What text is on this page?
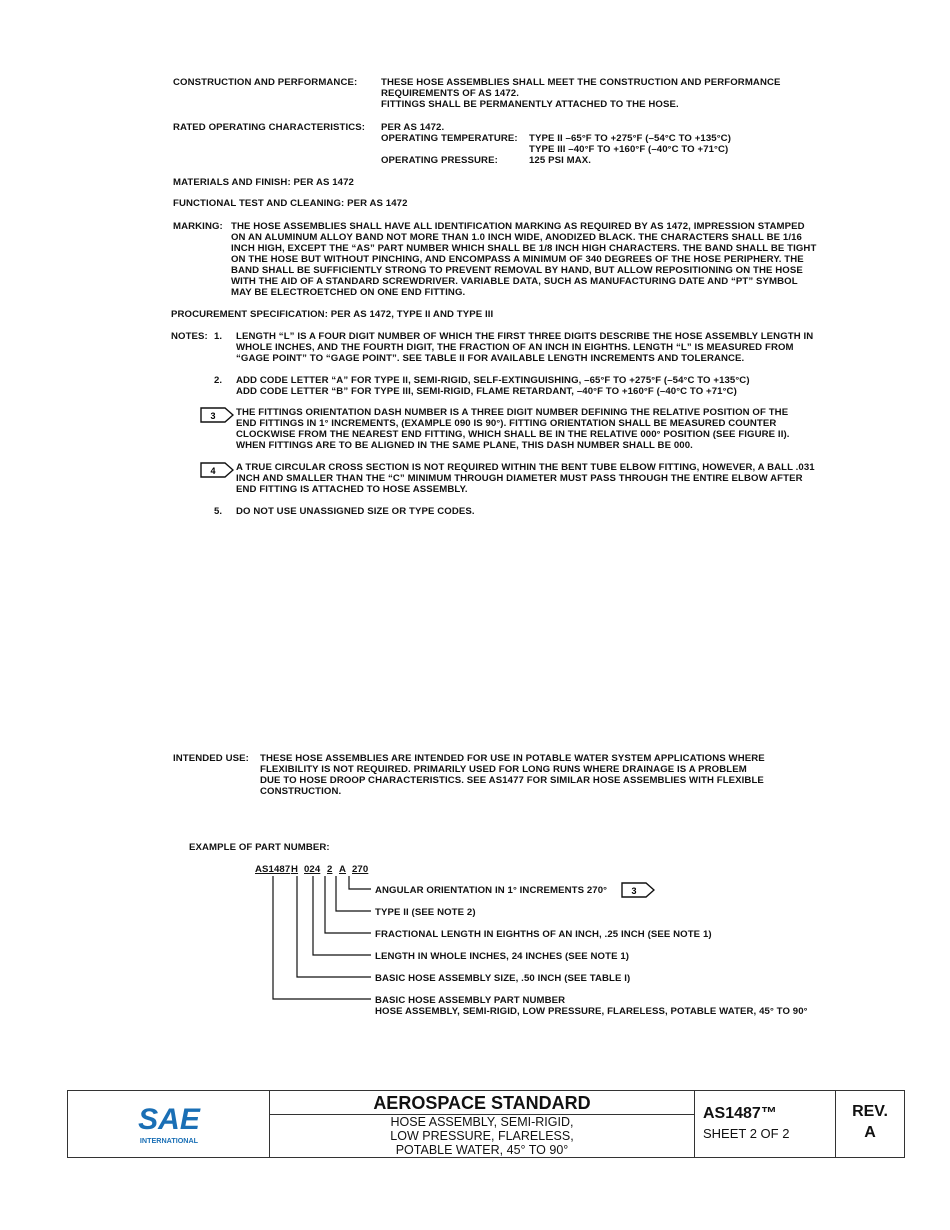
CONSTRUCTION AND PERFORMANCE: THESE HOSE ASSEMBLIES SHALL MEET THE CONSTRUCTION AND PERFORMANCE
REQUIREMENTS OF AS 1472.
FITTINGS SHALL BE PERMANENTLY ATTACHED TO THE HOSE.
RATED OPERATING CHARACTERISTICS: PER AS 1472.
OPERATING TEMPERATURE: TYPE II –65°F TO +275°F (–54°C TO +135°C)
TYPE III –40°F TO +160°F (–40°C TO +71°C)
OPERATING PRESSURE:	125 PSI MAX.
MATERIALS AND FINISH: PER AS 1472
FUNCTIONAL TEST AND CLEANING: PER AS 1472
MARKING: THE HOSE ASSEMBLIES SHALL HAVE ALL IDENTIFICATION MARKING AS REQUIRED BY AS 1472, IMPRESSION STAMPED
ON AN ALUMINUM ALLOY BAND NOT MORE THAN 1.0 INCH WIDE, ANODIZED BLACK. THE CHARACTERS SHALL BE 1/16
INCH HIGH, EXCEPT THE “AS” PART NUMBER WHICH SHALL BE 1/8 INCH HIGH CHARACTERS. THE BAND SHALL BE TIGHT
ON THE HOSE BUT WITHOUT PINCHING, AND ENCOMPASS A MINIMUM OF 340 DEGREES OF THE HOSE PERIPHERY. THE
BAND SHALL BE SUFFICIENTLY STRONG TO PREVENT REMOVAL BY HAND, BUT ALLOW REPOSITIONING ON THE HOSE
WITH THE AID OF A STANDARD SCREWDRIVER. VARIABLE DATA, SUCH AS MANUFACTURING DATE AND “PT” SYMBOL
MAY BE ELECTROETCHED ON ONE END FITTING.
PROCUREMENT SPECIFICATION: PER AS 1472, TYPE II AND TYPE III
NOTES: 1. LENGTH “L” IS A FOUR DIGIT NUMBER OF WHICH THE FIRST THREE DIGITS DESCRIBE THE HOSE ASSEMBLY LENGTH IN
WHOLE INCHES, AND THE FOURTH DIGIT, THE FRACTION OF AN INCH IN EIGHTHS. LENGTH “L” IS MEASURED FROM
“GAGE POINT” TO “GAGE POINT”. SEE TABLE II FOR AVAILABLE LENGTH INCREMENTS AND TOLERANCE.
2. ADD CODE LETTER “A” FOR TYPE II, SEMI-RIGID, SELF-EXTINGUISHING, –65°F TO +275°F (–54°C TO +135°C)
ADD CODE LETTER “B” FOR TYPE III, SEMI-RIGID, FLAME RETARDANT, –40°F TO +160°F (–40°C TO +71°C)
3 THE FITTINGS ORIENTATION DASH NUMBER IS A THREE DIGIT NUMBER DEFINING THE RELATIVE POSITION OF THE
END FITTINGS IN 1° INCREMENTS, (EXAMPLE 090 IS 90°). FITTING ORIENTATION SHALL BE MEASURED COUNTER
CLOCKWISE FROM THE NEAREST END FITTING, WHICH SHALL BE IN THE RELATIVE 000° POSITION (SEE FIGURE II).
WHEN FITTINGS ARE TO BE ALIGNED IN THE SAME PLANE, THIS DASH NUMBER SHALL BE 000.
4 A TRUE CIRCULAR CROSS SECTION IS NOT REQUIRED WITHIN THE BENT TUBE ELBOW FITTING, HOWEVER, A BALL .031
INCH AND SMALLER THAN THE “C” MINIMUM THROUGH DIAMETER MUST PASS THROUGH THE ENTIRE ELBOW AFTER
END FITTING IS ATTACHED TO HOSE ASSEMBLY.
5. DO NOT USE UNASSIGNED SIZE OR TYPE CODES.
INTENDED USE: THESE HOSE ASSEMBLIES ARE INTENDED FOR USE IN POTABLE WATER SYSTEM APPLICATIONS WHERE
FLEXIBILITY IS NOT REQUIRED. PRIMARILY USED FOR LONG RUNS WHERE DRAINAGE IS A PROBLEM
DUE TO HOSE DROOP CHARACTERISTICS. SEE AS1477 FOR SIMILAR HOSE ASSEMBLIES WITH FLEXIBLE
CONSTRUCTION.
EXAMPLE OF PART NUMBER:
AS1487 H 024 2 A 270
ANGULAR ORIENTATION IN 1° INCREMENTS 270°	3
TYPE II (SEE NOTE 2)
FRACTIONAL LENGTH IN EIGHTHS OF AN INCH, .25 INCH (SEE NOTE 1)
LENGTH IN WHOLE INCHES, 24 INCHES (SEE NOTE 1)
BASIC HOSE ASSEMBLY SIZE, .50 INCH (SEE TABLE I)
BASIC HOSE ASSEMBLY PART NUMBER
HOSE ASSEMBLY, SEMI-RIGID, LOW PRESSURE, FLARELESS, POTABLE WATER, 45° TO 90°
SAE
INTERNATIONAL
AEROSPACE STANDARD
HOSE ASSEMBLY, SEMI-RIGID,
LOW PRESSURE, FLARELESS,
POTABLE WATER, 45° TO 90°
AS1487™
SHEET 2 OF 2
REV.
A
